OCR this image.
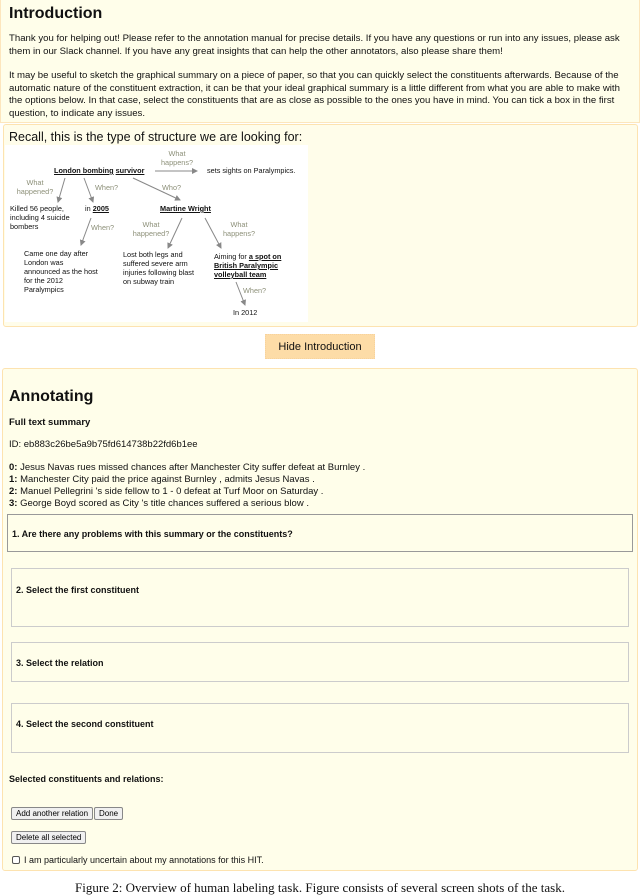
Introduction
Thank you for helping out! Please refer to the annotation manual for precise details. If you have any questions or run into any issues, please ask them in our Slack channel. If you have any great insights that can help the other annotators, also please share them!
It may be useful to sketch the graphical summary on a piece of paper, so that you can quickly select the constituents afterwards. Because of the automatic nature of the constituent extraction, it can be that your ideal graphical summary is a little different from what you are able to make with the options below. In that case, select the constituents that are as close as possible to the ones you have in mind. You can tick a box in the first question, to indicate any issues.
Recall, this is the type of structure we are looking for:
London bombing survivor
What happens?
sets sights on Paralympics.
What happened?	When?	Who?
Killed 56 people, including 4 suicide bombers
in 2005
When?
Came one day after London was announced as the host for the 2012 Paralympics
Martine Wright
What happened?
What happens?
Lost both legs and suffered severe arm injuries following blast on subway train
Aiming for a spot on British Paralympic volleyball team
When?
In 2012
Hide Introduction
Annotating
Full text summary
ID: eb883c26be5a9b75fd614738b22fd6b1ee
0: Jesus Navas rues missed chances after Manchester City suffer defeat at Burnley .
1: Manchester City paid the price against Burnley , admits Jesus Navas .
2: Manuel Pellegrini 's side fellow to 1 - 0 defeat at Turf Moor on Saturday .
3: George Boyd scored as City 's title chances suffered a serious blow .
1. Are there any problems with this summary or the constituents?
2. Select the first constituent
3. Select the relation
4. Select the second constituent
Selected constituents and relations:
Add another relation	Done
Delete all selected
I am particularly uncertain about my annotations for this HIT.
Figure 2: Overview of human labeling task. Figure consists of several screen shots of the task.
